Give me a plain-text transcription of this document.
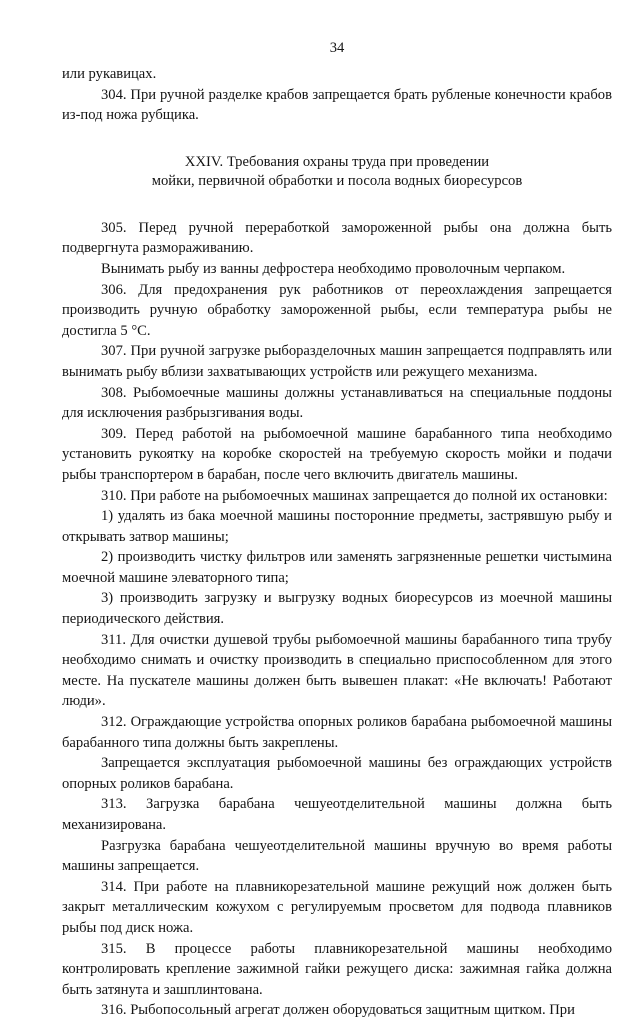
34

или рукавицах.

304. При ручной разделке крабов запрещается брать рубленые конечности крабов из-под ножа рубщика.

XXIV. Требования охраны труда при проведении
мойки, первичной обработки и посола водных биоресурсов

305. Перед ручной переработкой замороженной рыбы она должна быть подвергнута размораживанию.

Вынимать рыбу из ванны дефростера необходимо проволочным черпаком.

306. Для предохранения рук работников от переохлаждения запрещается производить ручную обработку замороженной рыбы, если температура рыбы не достигла 5 °С.

307. При ручной загрузке рыборазделочных машин запрещается подправлять или вынимать рыбу вблизи захватывающих устройств или режущего механизма.

308. Рыбомоечные машины должны устанавливаться на специальные поддоны для исключения разбрызгивания воды.

309. Перед работой на рыбомоечной машине барабанного типа необходимо установить рукоятку на коробке скоростей на требуемую скорость мойки и подачи рыбы транспортером в барабан, после чего включить двигатель машины.

310. При работе на рыбомоечных машинах запрещается до полной их остановки:

1) удалять из бака моечной машины посторонние предметы, застрявшую рыбу и открывать затвор машины;

2) производить чистку фильтров или заменять загрязненные решетки чистымина моечной машине элеваторного типа;

3) производить загрузку и выгрузку водных биоресурсов из моечной машины периодического действия.

311. Для очистки душевой трубы рыбомоечной машины барабанного типа трубу необходимо снимать и очистку производить в специально приспособленном для этого месте. На пускателе машины должен быть вывешен плакат: «Не включать! Работают люди».

312. Ограждающие устройства опорных роликов барабана рыбомоечной машины барабанного типа должны быть закреплены.

Запрещается эксплуатация рыбомоечной машины без ограждающих устройств опорных роликов барабана.

313. Загрузка барабана чешуеотделительной машины должна быть механизирована.

Разгрузка барабана чешуеотделительной машины вручную во время работы машины запрещается.

314. При работе на плавникорезательной машине режущий нож должен быть закрыт металлическим кожухом с регулируемым просветом для подвода плавников рыбы под диск ножа.

315. В процессе работы плавникорезательной машины необходимо контролировать крепление зажимной гайки режущего диска: зажимная гайка должна быть затянута и зашплинтована.

316. Рыбопосольный агрегат должен оборудоваться защитным щитком. При
